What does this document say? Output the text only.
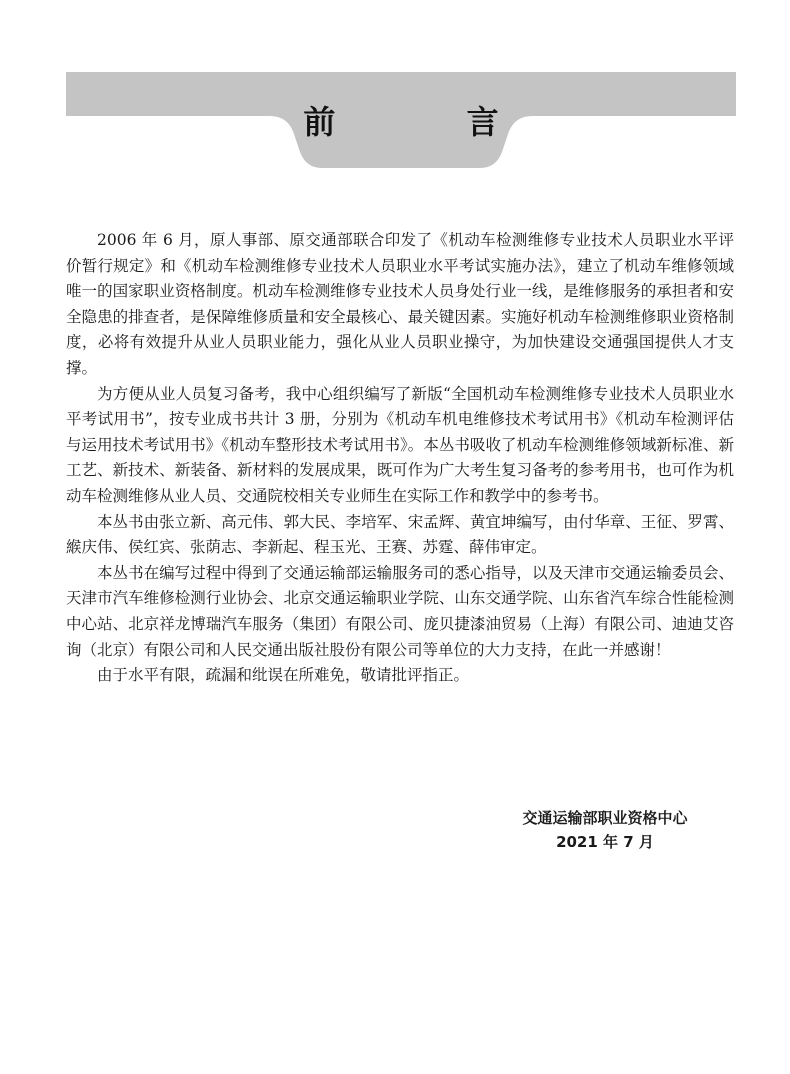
前 言

2006 年 6 月，原人事部、原交通部联合印发了《机动车检测维修专业技术人员职业水平评价暂行规定》和《机动车检测维修专业技术人员职业水平考试实施办法》，建立了机动车维修领域唯一的国家职业资格制度。机动车检测维修专业技术人员身处行业一线，是维修服务的承担者和安全隐患的排查者，是保障维修质量和安全最核心、最关键因素。实施好机动车检测维修职业资格制度，必将有效提升从业人员职业能力，强化从业人员职业操守，为加快建设交通强国提供人才支撑。

为方便从业人员复习备考，我中心组织编写了新版“全国机动车检测维修专业技术人员职业水平考试用书”，按专业成书共计 3 册，分别为《机动车机电维修技术考试用书》《机动车检测评估与运用技术考试用书》《机动车整形技术考试用书》。本丛书吸收了机动车检测维修领域新标准、新工艺、新技术、新装备、新材料的发展成果，既可作为广大考生复习备考的参考用书，也可作为机动车检测维修从业人员、交通院校相关专业师生在实际工作和教学中的参考书。

本丛书由张立新、高元伟、郭大民、李培军、宋孟辉、黄宜坤编写，由付华章、王征、罗霄、緱庆伟、侯红宾、张荫志、李新起、程玉光、王赛、苏霆、薛伟审定。

本丛书在编写过程中得到了交通运输部运输服务司的悉心指导，以及天津市交通运输委员会、天津市汽车维修检测行业协会、北京交通运输职业学院、山东交通学院、山东省汽车综合性能检测中心站、北京祥龙博瑞汽车服务（集团）有限公司、庞贝捷漆油贸易（上海）有限公司、迪迪艾咨询（北京）有限公司和人民交通出版社股份有限公司等单位的大力支持，在此一并感谢！

由于水平有限，疏漏和纰误在所难免，敬请批评指正。

交通运输部职业资格中心
2021 年 7 月
